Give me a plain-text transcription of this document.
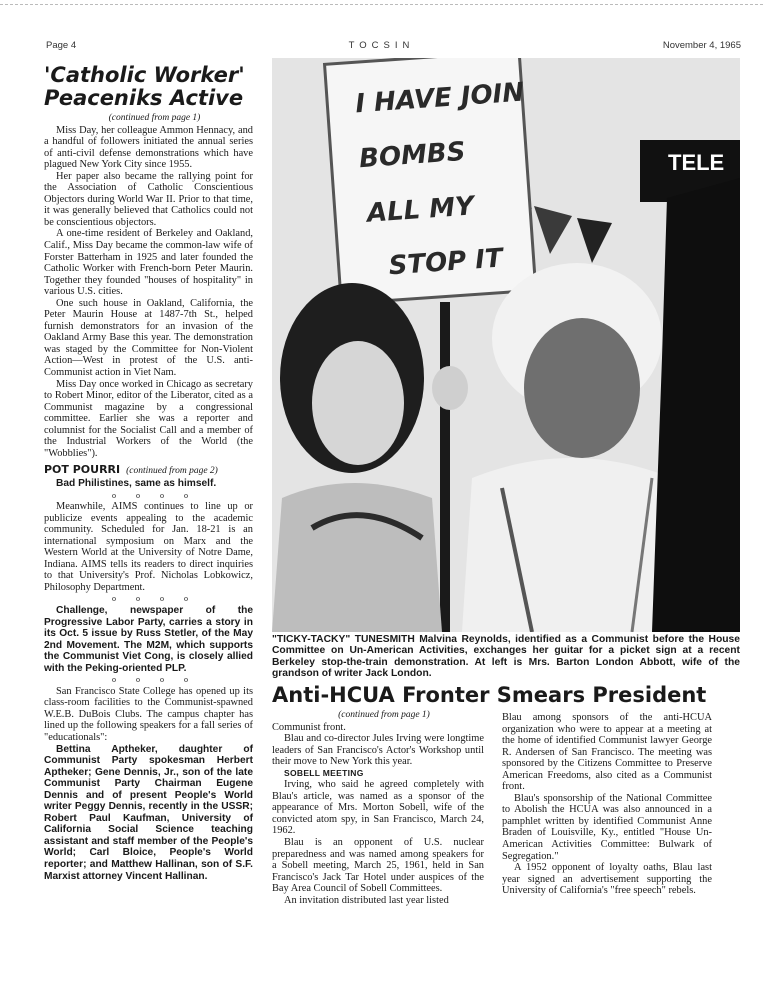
Page 4	TOCSIN	November 4, 1965
'Catholic Worker'
Peaceniks Active

(continued from page 1)

Miss Day, her colleague Ammon Hennacy, and a handful of followers initiated the annual series of anti-civil defense demonstrations which have plagued New York City since 1955.

Her paper also became the rallying point for the Association of Catholic Conscientious Objectors during World War II. Prior to that time, it was generally believed that Catholics could not be conscientious objectors.

A one-time resident of Berkeley and Oakland, Calif., Miss Day became the common-law wife of Forster Batterham in 1925 and later founded the Catholic Worker with French-born Peter Maurin. Together they founded "houses of hospitality" in various U.S. cities.

One such house in Oakland, California, the Peter Maurin House at 1487-7th St., helped furnish demonstrators for an invasion of the Oakland Army Base this year. The demonstration was staged by the Committee for Non-Violent Action—West in protest of the U.S. anti-Communist action in Viet Nam.

Miss Day once worked in Chicago as secretary to Robert Minor, editor of the Liberator, cited as a Communist magazine by a congressional committee. Earlier she was a reporter and columnist for the Socialist Call and a member of the Industrial Workers of the World (the "Wobblies").

POT POURRI (continued from page 2)

Bad Philistines, same as himself.

o o o o

Meanwhile, AIMS continues to line up or publicize events appealing to the academic community. Scheduled for Jan. 18-21 is an international symposium on Marx and the Western World at the University of Notre Dame, Indiana. AIMS tells its readers to direct inquiries to that University's Prof. Nicholas Lobkowicz, Philosophy Department.

o o o o

Challenge, newspaper of the Progressive Labor Party, carries a story in its Oct. 5 issue by Russ Stetler, of the May 2nd Movement. The M2M, which supports the Communist Viet Cong, is closely allied with the Peking-oriented PLP.

o o o o

San Francisco State College has opened up its class-room facilities to the Communist-spawned W.E.B. DuBois Clubs. The campus chapter has lined up the following speakers for a fall series of "educationals":

Bettina Aptheker, daughter of Communist Party spokesman Herbert Aptheker; Gene Dennis, Jr., son of the late Communist Party Chairman Eugene Dennis and of present People's World writer Peggy Dennis, recently in the USSR; Robert Paul Kaufman, University of California Social Science teaching assistant and staff member of the People's World; Carl Bloice, People's World reporter; and Matthew Hallinan, son of S.F. Marxist attorney Vincent Hallinan.

TELE
I HAVE JOIN
BOMBS
ALL MY
STOP IT
"TICKY-TACKY" TUNESMITH Malvina Reynolds, identified as a Communist before the House Committee on Un-American Activities, exchanges her guitar for a picket sign at a recent Berkeley stop-the-train demonstration. At left is Mrs. Barton London Abbott, wife of the grandson of writer Jack London.
Anti-HCUA Fronter Smears President

(continued from page 1)

Communist front.

Blau and co-director Jules Irving were longtime leaders of San Francisco's Actor's Workshop until their move to New York this year.

SOBELL MEETING

Irving, who said he agreed completely with Blau's article, was named as a sponsor of the appearance of Mrs. Morton Sobell, wife of the convicted atom spy, in San Francisco, March 24, 1962.

Blau is an opponent of U.S. nuclear preparedness and was named among speakers for a Sobell meeting, March 25, 1961, held in San Francisco's Jack Tar Hotel under auspices of the Bay Area Council of Sobell Committees.

An invitation distributed last year listed

Blau among sponsors of the anti-HCUA organization who were to appear at a meeting at the home of identified Communist lawyer George R. Andersen of San Francisco. The meeting was sponsored by the Citizens Committee to Preserve American Freedoms, also cited as a Communist front.

Blau's sponsorship of the National Committee to Abolish the HCUA was also announced in a pamphlet written by identified Communist Anne Braden of Louisville, Ky., entitled "House Un-American Activities Committee: Bulwark of Segregation."

A 1952 opponent of loyalty oaths, Blau last year signed an advertisement supporting the University of California's "free speech" rebels.
